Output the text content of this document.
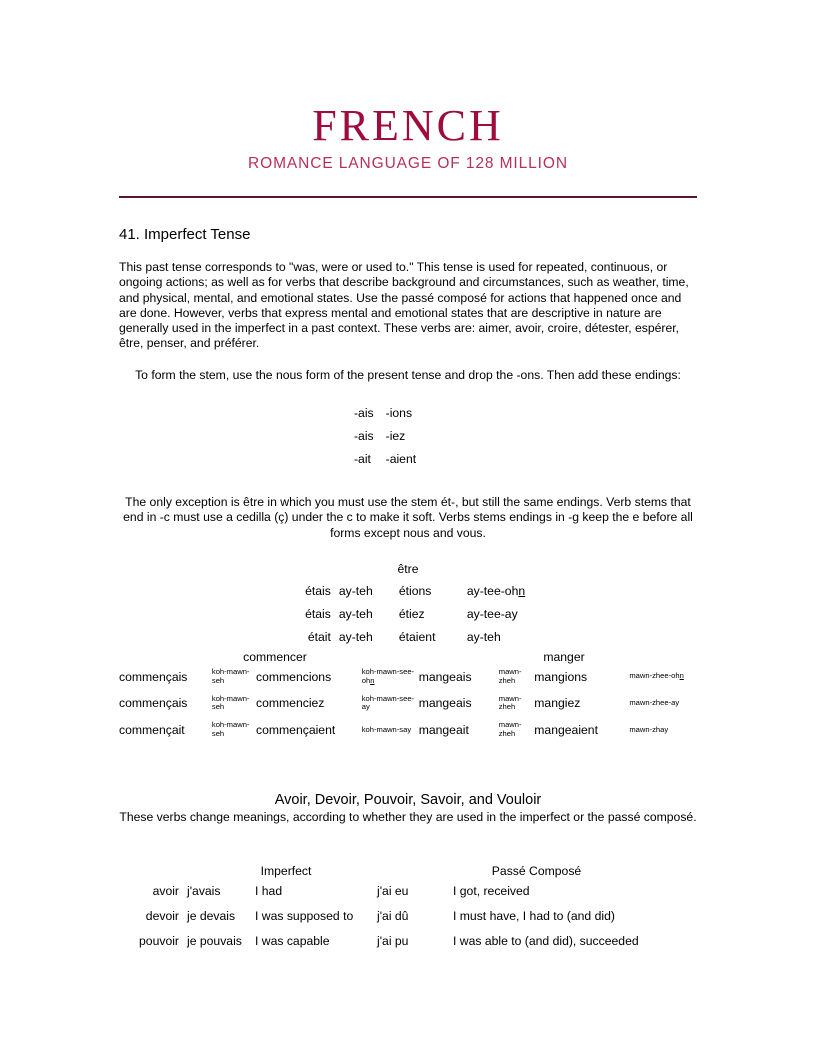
FRENCH
ROMANCE LANGUAGE OF 128 MILLION
41. Imperfect Tense
This past tense corresponds to "was, were or used to." This tense is used for repeated, continuous, or ongoing actions; as well as for verbs that describe background and circumstances, such as weather, time, and physical, mental, and emotional states. Use the passé composé for actions that happened once and are done. However, verbs that express mental and emotional states that are descriptive in nature are generally used in the imperfect in a past context. These verbs are: aimer, avoir, croire, détester, espérer, être, penser, and préférer.
To form the stem, use the nous form of the present tense and drop the -ons. Then add these endings:
-ais	-ions
-ais	-iez
-ait	-aient
The only exception is être in which you must use the stem ét-, but still the same endings. Verb stems that end in -c must use a cedilla (ç) under the c to make it soft. Verbs stems endings in -g keep the e before all forms except nous and vous.
être
étais	ay-teh	étions	ay-tee-ohn
étais	ay-teh	étiez	ay-tee-ay
était	ay-teh	étaient	ay-teh
commencer	manger
commençais	koh-mawn-seh	commencions	koh-mawn-see-ohn	mangeais	mawn-zheh	mangions	mawn-zhee-ohn
commençais	koh-mawn-seh	commenciez	koh-mawn-see-ay	mangeais	mawn-zheh	mangiez	mawn-zhee-ay
commençait	koh-mawn-seh	commençaient	koh-mawn-say	mangeait	mawn-zheh	mangeaient	mawn-zhay
Avoir, Devoir, Pouvoir, Savoir, and Vouloir
These verbs change meanings, according to whether they are used in the imperfect or the passé composé.
Imperfect	Passé Composé
avoir	j'avais	I had	j'ai eu	I got, received
devoir	je devais	I was supposed to	j'ai dû	I must have, I had to (and did)
pouvoir	je pouvais	I was capable	j'ai pu	I was able to (and did), succeeded
